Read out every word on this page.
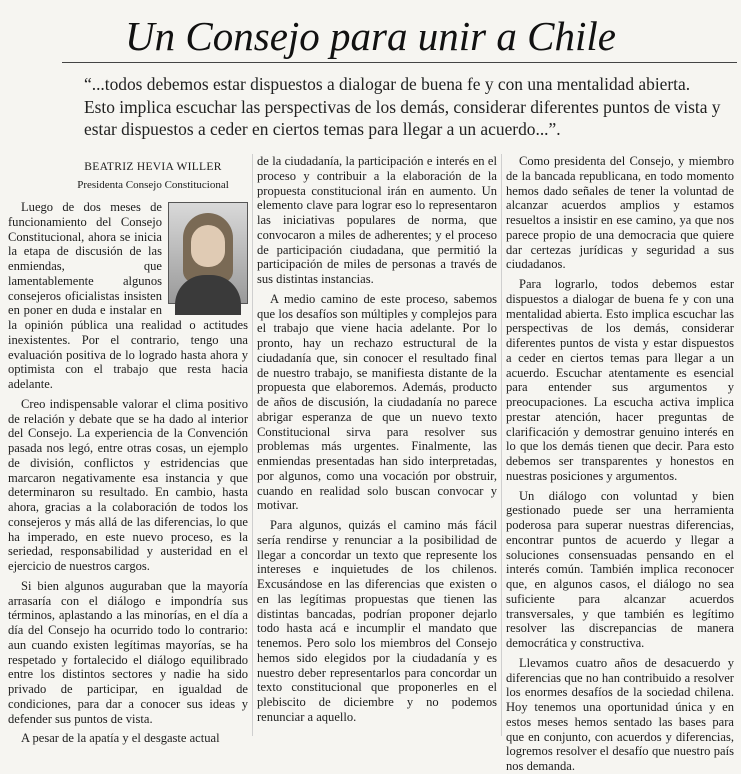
Un Consejo para unir a Chile
“...todos debemos estar dispuestos a dialogar de buena fe y con una mentalidad abierta. Esto implica escuchar las perspectivas de los demás, considerar diferentes puntos de vista y estar dispuestos a ceder en ciertos temas para llegar a un acuerdo...”.
BEATRIZ HEVIA WILLER
Presidenta Consejo Constitucional

Luego de dos meses de funcionamiento del Consejo Constitucional, ahora se inicia la etapa de discusión de las enmiendas, que lamentablemente algunos consejeros oficialistas insisten en poner en duda e instalar en la opinión pública una realidad o actitudes inexistentes. Por el contrario, tengo una evaluación positiva de lo logrado hasta ahora y optimista con el trabajo que resta hacia adelante.

Creo indispensable valorar el clima positivo de relación y debate que se ha dado al interior del Consejo. La experiencia de la Convención pasada nos legó, entre otras cosas, un ejemplo de división, conflictos y estridencias que marcaron negativamente esa instancia y que determinaron su resultado. En cambio, hasta ahora, gracias a la colaboración de todos los consejeros y más allá de las diferencias, lo que ha imperado, en este nuevo proceso, es la seriedad, responsabilidad y austeridad en el ejercicio de nuestros cargos.

Si bien algunos auguraban que la mayoría arrasaría con el diálogo e impondría sus términos, aplastando a las minorías, en el día a día del Consejo ha ocurrido todo lo contrario: aun cuando existen legítimas mayorías, se ha respetado y fortalecido el diálogo equilibrado entre los distintos sectores y nadie ha sido privado de participar, en igualdad de condiciones, para dar a conocer sus ideas y defender sus puntos de vista.

A pesar de la apatía y el desgaste actual

de la ciudadanía, la participación e interés en el proceso y contribuir a la elaboración de la propuesta constitucional irán en aumento. Un elemento clave para lograr eso lo representaron las iniciativas populares de norma, que convocaron a miles de adherentes; y el proceso de participación ciudadana, que permitió la participación de miles de personas a través de sus distintas instancias.

A medio camino de este proceso, sabemos que los desafíos son múltiples y complejos para el trabajo que viene hacia adelante. Por lo pronto, hay un rechazo estructural de la ciudadanía que, sin conocer el resultado final de nuestro trabajo, se manifiesta distante de la propuesta que elaboremos. Además, producto de años de discusión, la ciudadanía no parece abrigar esperanza de que un nuevo texto Constitucional sirva para resolver sus problemas más urgentes. Finalmente, las enmiendas presentadas han sido interpretadas, por algunos, como una vocación por obstruir, cuando en realidad solo buscan convocar y motivar.

Para algunos, quizás el camino más fácil sería rendirse y renunciar a la posibilidad de llegar a concordar un texto que represente los intereses e inquietudes de los chilenos. Excusándose en las diferencias que existen o en las legítimas propuestas que tienen las distintas bancadas, podrían proponer dejarlo todo hasta acá e incumplir el mandato que tenemos. Pero solo los miembros del Consejo hemos sido elegidos por la ciudadanía y es nuestro deber representarlos para concordar un texto constitucional que proponerles en el plebiscito de diciembre y no podemos renunciar a aquello.

Como presidenta del Consejo, y miembro de la bancada republicana, en todo momento hemos dado señales de tener la voluntad de alcanzar acuerdos amplios y estamos resueltos a insistir en ese camino, ya que nos parece propio de una democracia que quiere dar certezas jurídicas y seguridad a sus ciudadanos.

Para lograrlo, todos debemos estar dispuestos a dialogar de buena fe y con una mentalidad abierta. Esto implica escuchar las perspectivas de los demás, considerar diferentes puntos de vista y estar dispuestos a ceder en ciertos temas para llegar a un acuerdo. Escuchar atentamente es esencial para entender sus argumentos y preocupaciones. La escucha activa implica prestar atención, hacer preguntas de clarificación y demostrar genuino interés en lo que los demás tienen que decir. Para esto debemos ser transparentes y honestos en nuestras posiciones y argumentos.

Un diálogo con voluntad y bien gestionado puede ser una herramienta poderosa para superar nuestras diferencias, encontrar puntos de acuerdo y llegar a soluciones consensuadas pensando en el interés común. También implica reconocer que, en algunos casos, el diálogo no sea suficiente para alcanzar acuerdos transversales, y que también es legítimo resolver las discrepancias de manera democrática y constructiva.

Llevamos cuatro años de desacuerdo y diferencias que no han contribuido a resolver los enormes desafíos de la sociedad chilena. Hoy tenemos una oportunidad única y en estos meses hemos sentado las bases para que en conjunto, con acuerdos y diferencias, logremos resolver el desafío que nuestro país nos demanda.
